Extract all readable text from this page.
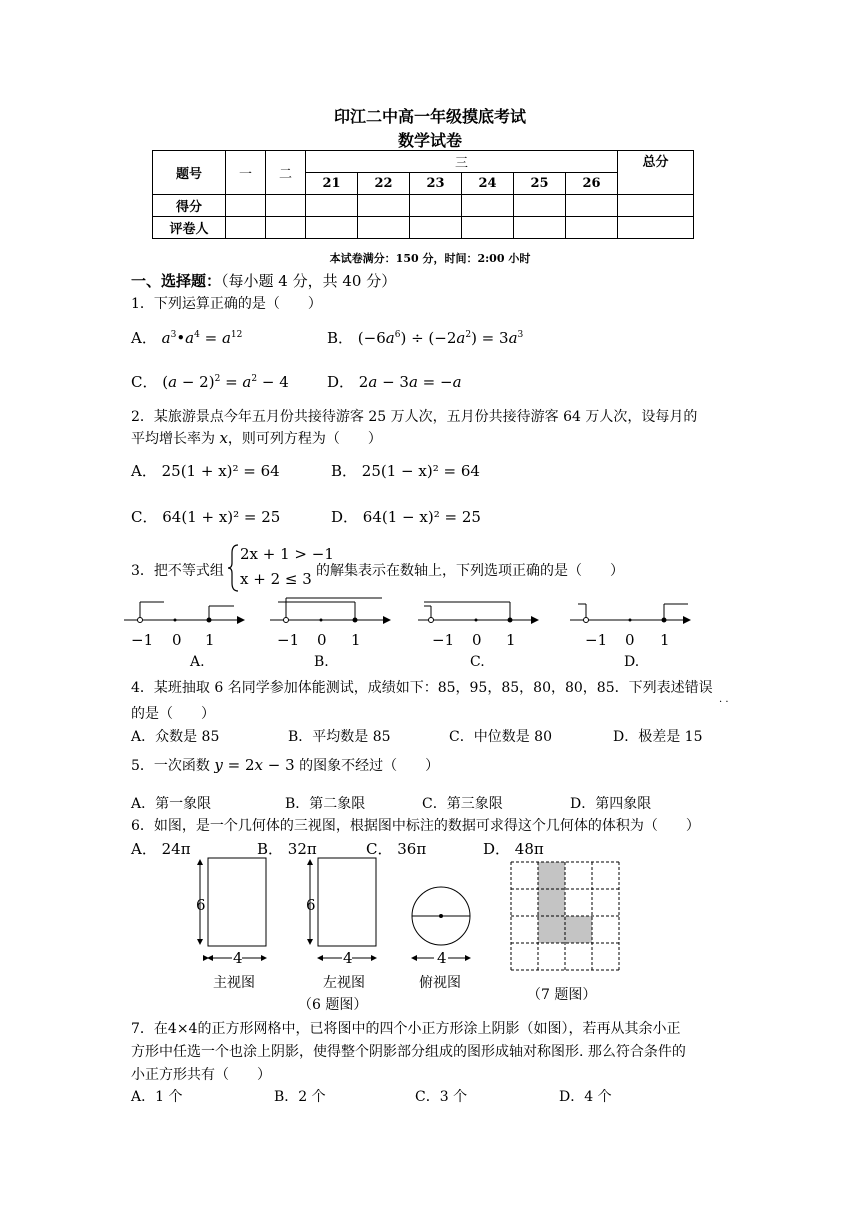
印江二中高一年级摸底考试
数学试卷
题号	一	二	三						总分
			21	22	23	24	25	26	
得分									
评卷人									
本试卷满分：150 分，时间：2:00 小时
一、选择题：（每小题 4 分，共 40 分）
1．下列运算正确的是（　　）
A． $a^3•a^4 = a^{12}$	B． $(-6a^6) \div (-2a^2) = 3a^3$
C． $(a - 2)^2 = a^2 - 4$	D． 2a − 3a = −a
2．某旅游景点今年五月份共接待游客 25 万人次，五月份共接待游客 64 万人次，设每月的
平均增长率为 x，则可列方程为（　　）
A． 25(1 + x)² = 64	B． 25(1 − x)² = 64
C． 64(1 + x)² = 25	D． 64(1 − x)² = 25
3．把不等式组
2x + 1 > −1
x + 2 ≤ 3 的解集表示在数轴上，下列选项正确的是（　　）
−1 0 1	−1 0 1	−1 0 1	−1 0 1
A.	B.	C.	D.
4．某班抽取 6 名同学参加体能测试，成绩如下：85，95，85，80，80，85．下列表述错误
· ·
的是（　　）
A．众数是 85	B．平均数是 85	C．中位数是 80	D．极差是 15
5．一次函数 y = 2x − 3 的图象不经过（　　）
A．第一象限	B．第二象限	C．第三象限	D．第四象限
6．如图，是一个几何体的三视图，根据图中标注的数据可求得这个几何体的体积为（　　）
A． 24π	B． 32π	C． 36π	D． 48π
6	6
4	4	4
主视图	左视图	俯视图
（6 题图）
（7 题图）
7．在4×4的正方形网格中，已将图中的四个小正方形涂上阴影（如图），若再从其余小正
方形中任选一个也涂上阴影，使得整个阴影部分组成的图形成轴对称图形. 那么符合条件的
小正方形共有（　　）
A．1 个	B．2 个	C．3 个	D．4 个
